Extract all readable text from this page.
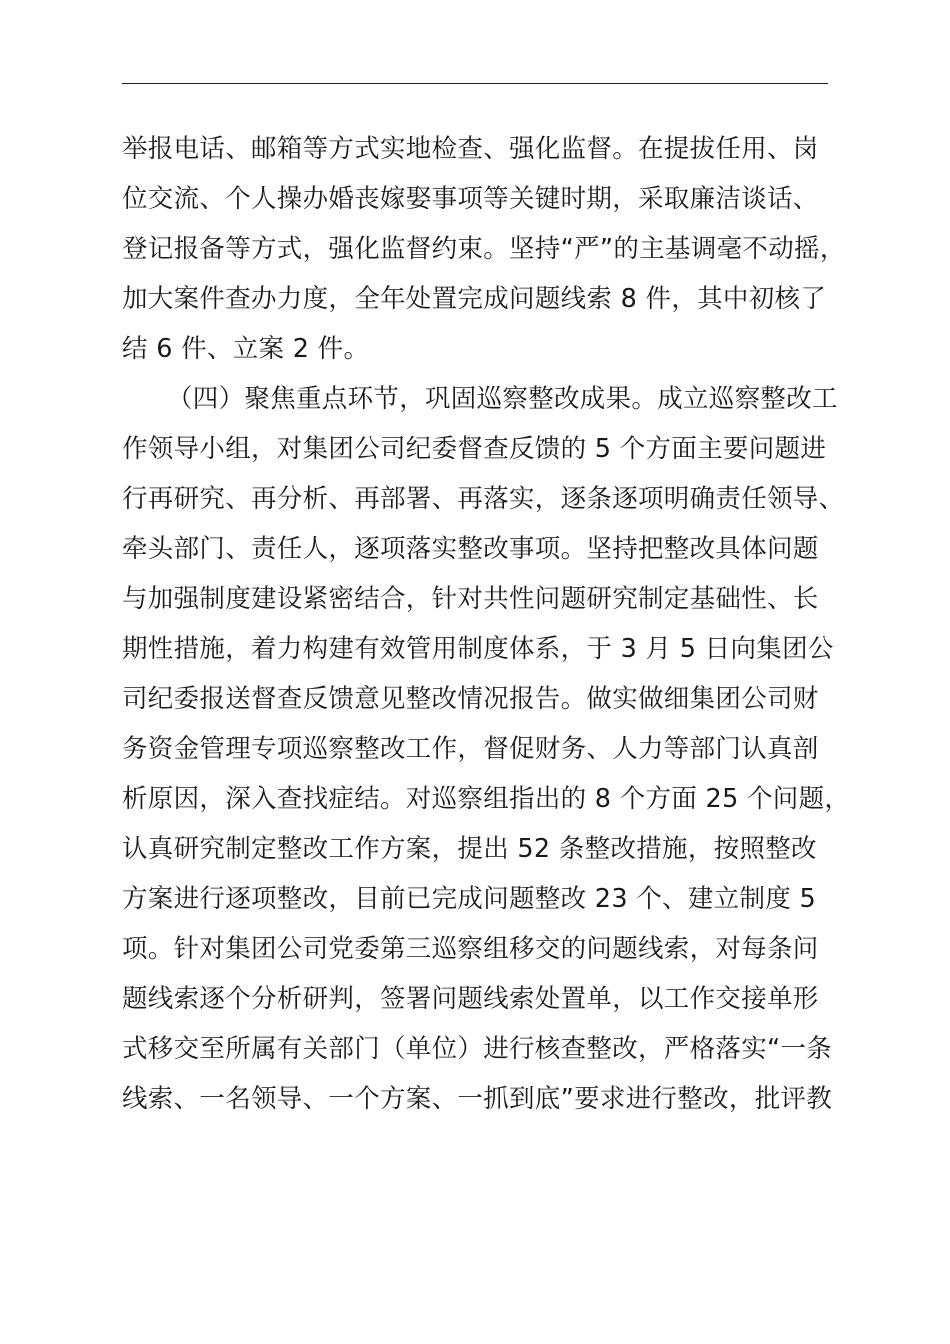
举报电话、邮箱等方式实地检查、强化监督。在提拔任用、岗
位交流、个人操办婚丧嫁娶事项等关键时期，采取廉洁谈话、
登记报备等方式，强化监督约束。坚持“严”的主基调毫不动摇，
加大案件查办力度，全年处置完成问题线索 8 件，其中初核了
结 6 件、立案 2 件。
（四）聚焦重点环节，巩固巡察整改成果。成立巡察整改工
作领导小组，对集团公司纪委督查反馈的 5 个方面主要问题进
行再研究、再分析、再部署、再落实，逐条逐项明确责任领导、
牵头部门、责任人，逐项落实整改事项。坚持把整改具体问题
与加强制度建设紧密结合，针对共性问题研究制定基础性、长
期性措施，着力构建有效管用制度体系，于 3 月 5 日向集团公
司纪委报送督查反馈意见整改情况报告。做实做细集团公司财
务资金管理专项巡察整改工作，督促财务、人力等部门认真剖
析原因，深入查找症结。对巡察组指出的 8 个方面 25 个问题，
认真研究制定整改工作方案，提出 52 条整改措施，按照整改
方案进行逐项整改，目前已完成问题整改 23 个、建立制度 5
项。针对集团公司党委第三巡察组移交的问题线索，对每条问
题线索逐个分析研判，签署问题线索处置单，以工作交接单形
式移交至所属有关部门（单位）进行核查整改，严格落实“一条
线索、一名领导、一个方案、一抓到底”要求进行整改，批评教
